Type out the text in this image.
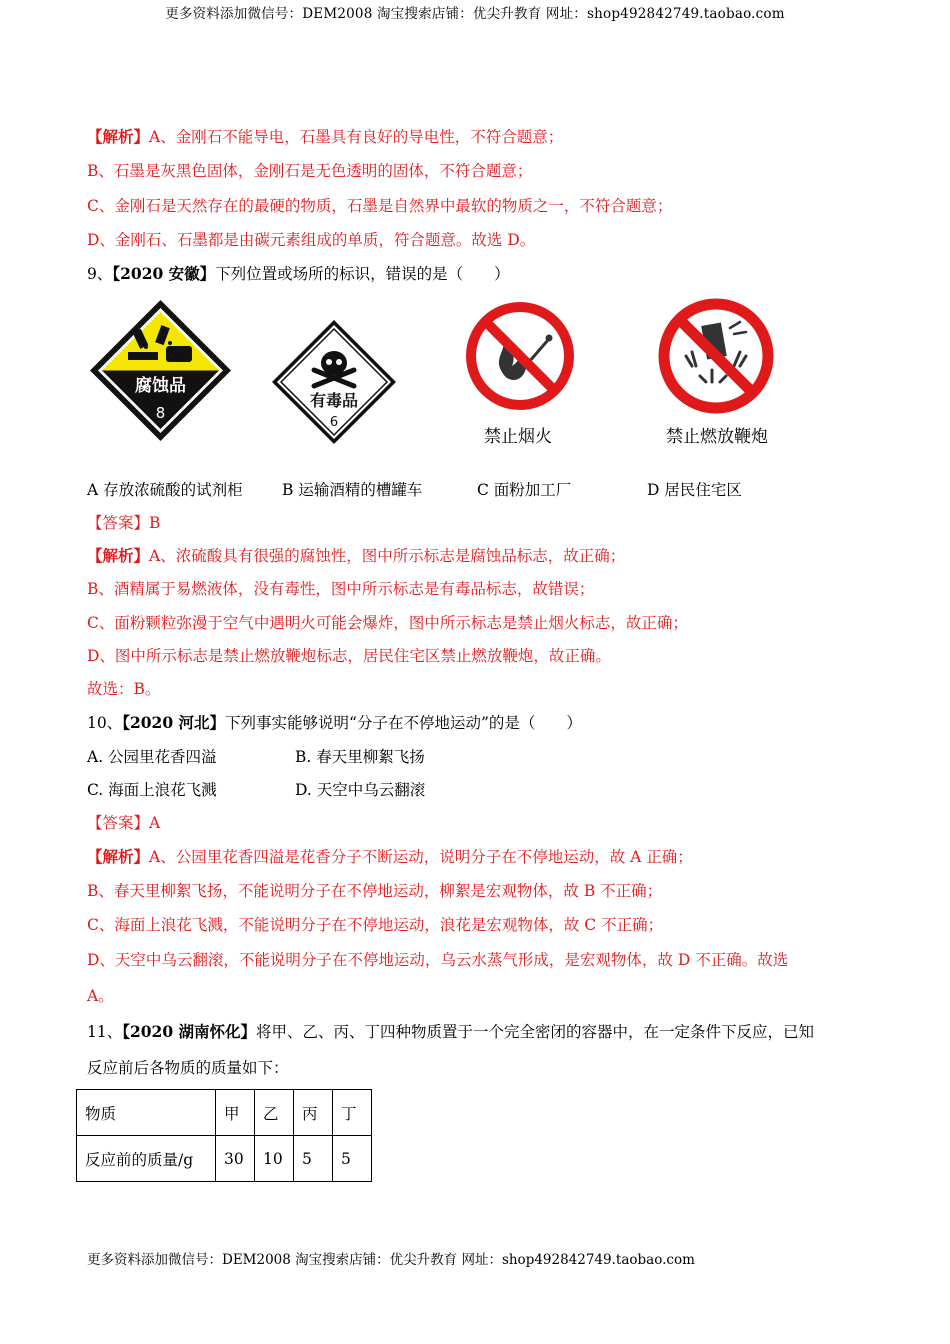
更多资料添加微信号：DEM2008 淘宝搜索店铺：优尖升教育 网址：shop492842749.taobao.com
【解析】A、金刚石不能导电，石墨具有良好的导电性，不符合题意；
B、石墨是灰黑色固体，金刚石是无色透明的固体，不符合题意；
C、金刚石是天然存在的最硬的物质，石墨是自然界中最软的物质之一，不符合题意；
D、金刚石、石墨都是由碳元素组成的单质，符合题意。故选 D。
9、【2020 安徽】下列位置或场所的标识，错误的是（　　）
腐蚀品
8
有毒品
6
禁止烟火	禁止燃放鞭炮
A 存放浓硫酸的试剂柜	B 运输酒精的槽罐车	C 面粉加工厂	D 居民住宅区
【答案】B
【解析】A、浓硫酸具有很强的腐蚀性，图中所示标志是腐蚀品标志，故正确；
B、酒精属于易燃液体，没有毒性，图中所示标志是有毒品标志，故错误；
C、面粉颗粒弥漫于空气中遇明火可能会爆炸，图中所示标志是禁止烟火标志，故正确；
D、图中所示标志是禁止燃放鞭炮标志，居民住宅区禁止燃放鞭炮，故正确。
故选：B。
10、【2020 河北】下列事实能够说明“分子在不停地运动”的是（　　）
A. 公园里花香四溢	B. 春天里柳絮飞扬
C. 海面上浪花飞溅	D. 天空中乌云翻滚
【答案】A
【解析】A、公园里花香四溢是花香分子不断运动，说明分子在不停地运动，故 A 正确；
B、春天里柳絮飞扬，不能说明分子在不停地运动，柳絮是宏观物体，故 B 不正确；
C、海面上浪花飞溅，不能说明分子在不停地运动，浪花是宏观物体，故 C 不正确；
D、天空中乌云翻滚，不能说明分子在不停地运动，乌云水蒸气形成，是宏观物体，故 D 不正确。故选
A。
11、【2020 湖南怀化】将甲、乙、丙、丁四种物质置于一个完全密闭的容器中，在一定条件下反应，已知
反应前后各物质的质量如下：
物质	甲	乙	丙	丁
反应前的质量/g	30	10	5	5
更多资料添加微信号：DEM2008 淘宝搜索店铺：优尖升教育 网址：shop492842749.taobao.com
